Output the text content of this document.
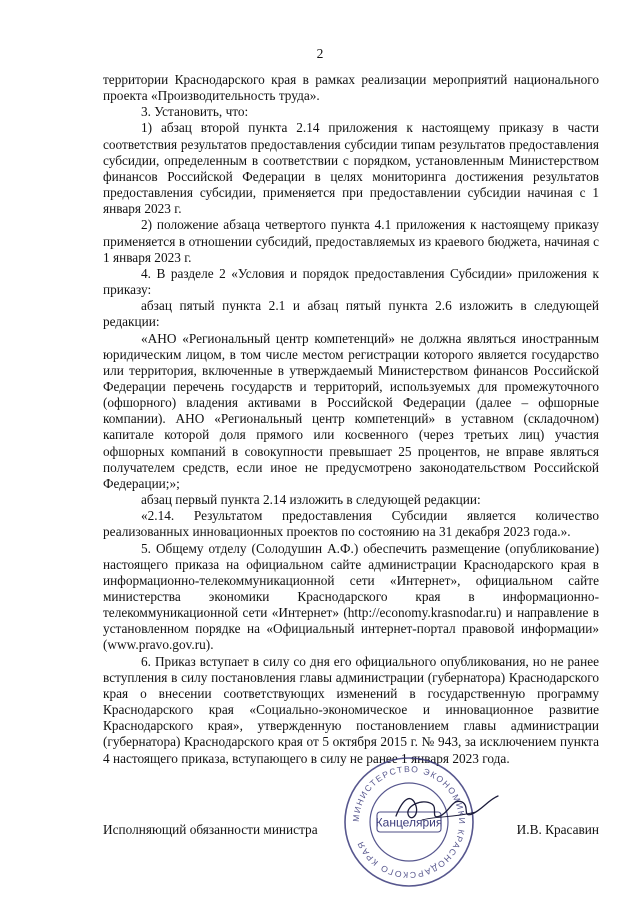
2

территории Краснодарского края в рамках реализации мероприятий национального проекта «Производительность труда».

3. Установить, что:

1) абзац второй пункта 2.14 приложения к настоящему приказу в части соответствия результатов предоставления субсидии типам результатов предоставления субсидии, определенным в соответствии с порядком, установленным Министерством финансов Российской Федерации в целях мониторинга достижения результатов предоставления субсидии, применяется при предоставлении субсидии начиная с 1 января 2023 г.

2) положение абзаца четвертого пункта 4.1 приложения к настоящему приказу применяется в отношении субсидий, предоставляемых из краевого бюджета, начиная с 1 января 2023 г.

4. В разделе 2 «Условия и порядок предоставления Субсидии» приложения к приказу:

абзац пятый пункта 2.1 и абзац пятый пункта 2.6 изложить в следующей редакции:

«АНО «Региональный центр компетенций» не должна являться иностранным юридическим лицом, в том числе местом регистрации которого является государство или территория, включенные в утверждаемый Министерством финансов Российской Федерации перечень государств и территорий, используемых для промежуточного (офшорного) владения активами в Российской Федерации (далее – офшорные компании). АНО «Региональный центр компетенций» в уставном (складочном) капитале которой доля прямого или косвенного (через третьих лиц) участия офшорных компаний в совокупности превышает 25 процентов, не вправе являться получателем средств, если иное не предусмотрено законодательством Российской Федерации;»;

абзац первый пункта 2.14 изложить в следующей редакции:

«2.14. Результатом предоставления Субсидии является количество реализованных инновационных проектов по состоянию на 31 декабря 2023 года.».

5. Общему отделу (Солодушин А.Ф.) обеспечить размещение (опубликование) настоящего приказа на официальном сайте администрации Краснодарского края в информационно-телекоммуникационной сети «Интернет», официальном сайте министерства экономики Краснодарского края в информационно-телекоммуникационной сети «Интернет» (http://economy.krasnodar.ru) и направление в установленном порядке на «Официальный интернет-портал правовой информации» (www.pravo.gov.ru).

6. Приказ вступает в силу со дня его официального опубликования, но не ранее вступления в силу постановления главы администрации (губернатора) Краснодарского края о внесении соответствующих изменений в государственную программу Краснодарского края «Социально-экономическое и инновационное развитие Краснодарского края», утвержденную постановлением главы администрации (губернатора) Краснодарского края от 5 октября 2015 г. № 943, за исключением пункта 4 настоящего приказа, вступающего в силу не ранее 1 января 2023 года.

Исполняющий обязанности министра	И.В. Красавин
МИНИСТЕРСТВО ЭКОНОМИКИ КРАСНОДАРСКОГО КРАЯ
Канцелярия
